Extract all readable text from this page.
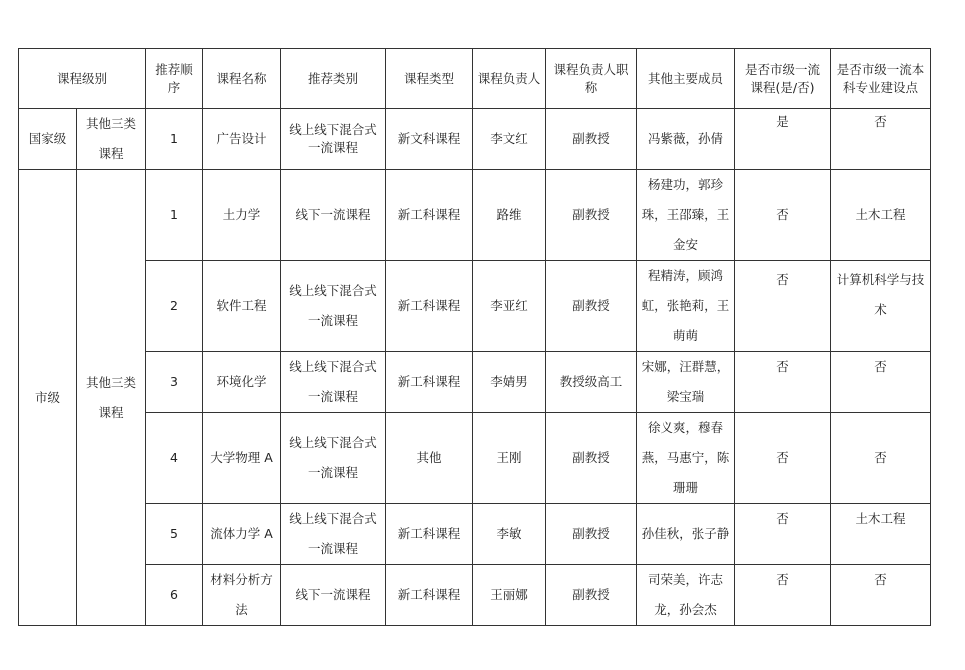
课程级别		推荐顺序	课程名称	推荐类别	课程类型	课程负责人	课程负责人职称	其他主要成员	是否市级一流课程(是/否)	是否市级一流本科专业建设点
国家级	其他三类课程	1	广告设计	线上线下混合式一流课程	新文科课程	李文红	副教授	冯紫薇，孙倩	是	否
市级	其他三类课程	1	土力学	线下一流课程	新工科课程	路维	副教授	杨建功，郭珍珠，王邵臻，王金安	否	土木工程
		2	软件工程	线上线下混合式一流课程	新工科课程	李亚红	副教授	程精涛，顾鸿虹，张艳莉，王萌萌	否	计算机科学与技术
		3	环境化学	线上线下混合式一流课程	新工科课程	李婧男	教授级高工	宋娜，汪群慧，梁宝瑞	否	否
		4	大学物理 A	线上线下混合式一流课程	其他	王刚	副教授	徐义爽，穆春燕，马惠宁，陈珊珊	否	否
		5	流体力学 A	线上线下混合式一流课程	新工科课程	李敏	副教授	孙佳秋，张子静	否	土木工程
		6	材料分析方法	线下一流课程	新工科课程	王丽娜	副教授	司荣美，许志龙，孙会杰	否	否
